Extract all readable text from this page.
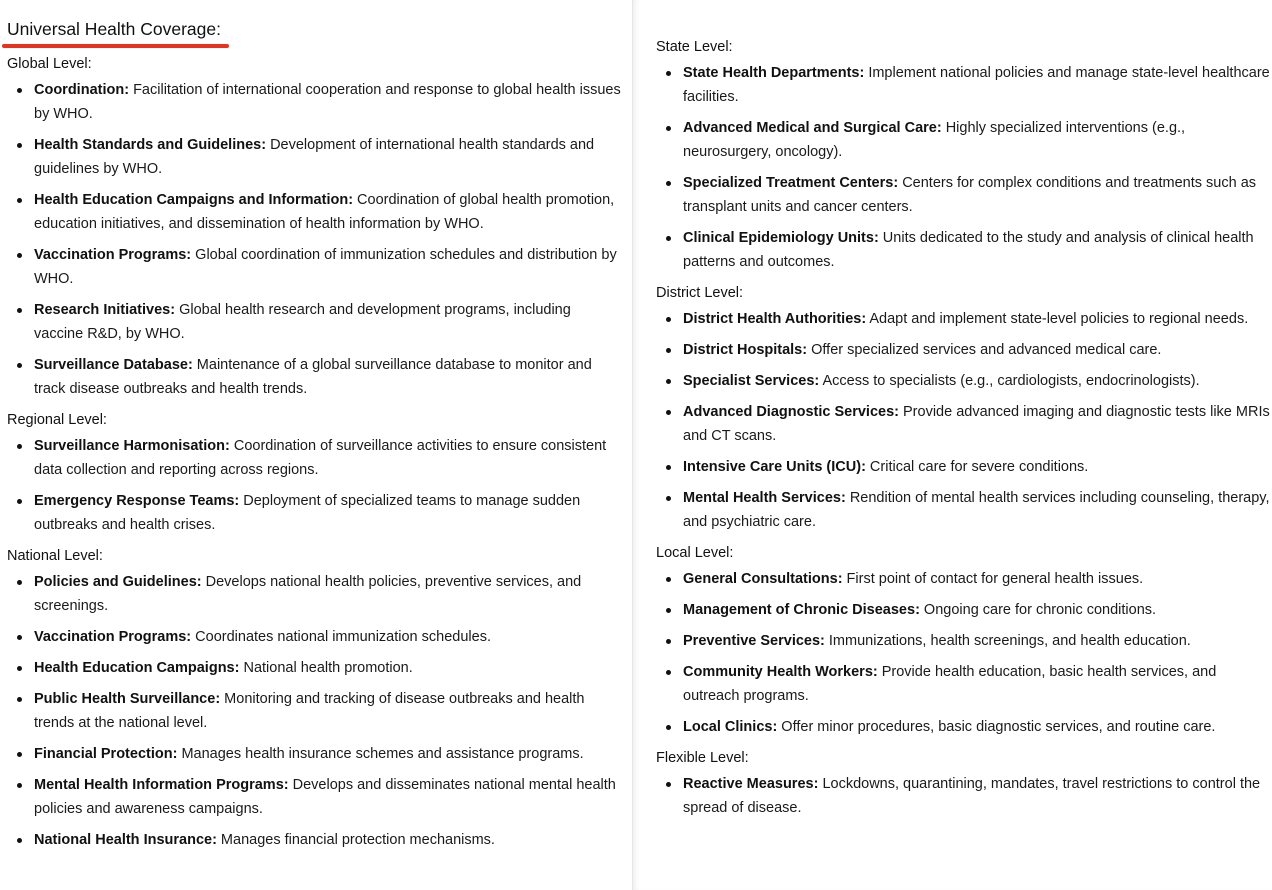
Universal Health Coverage:
Global Level:
Coordination: Facilitation of international cooperation and response to global health issues by WHO.
Health Standards and Guidelines: Development of international health standards and guidelines by WHO.
Health Education Campaigns and Information: Coordination of global health promotion, education initiatives, and dissemination of health information by WHO.
Vaccination Programs: Global coordination of immunization schedules and distribution by WHO.
Research Initiatives: Global health research and development programs, including vaccine R&D, by WHO.
Surveillance Database: Maintenance of a global surveillance database to monitor and track disease outbreaks and health trends.
Regional Level:
Surveillance Harmonisation: Coordination of surveillance activities to ensure consistent data collection and reporting across regions.
Emergency Response Teams: Deployment of specialized teams to manage sudden outbreaks and health crises.
National Level:
Policies and Guidelines: Develops national health policies, preventive services, and screenings.
Vaccination Programs: Coordinates national immunization schedules.
Health Education Campaigns: National health promotion.
Public Health Surveillance: Monitoring and tracking of disease outbreaks and health trends at the national level.
Financial Protection: Manages health insurance schemes and assistance programs.
Mental Health Information Programs: Develops and disseminates national mental health policies and awareness campaigns.
National Health Insurance: Manages financial protection mechanisms.
State Level:
State Health Departments: Implement national policies and manage state-level healthcare facilities.
Advanced Medical and Surgical Care: Highly specialized interventions (e.g., neurosurgery, oncology).
Specialized Treatment Centers: Centers for complex conditions and treatments such as transplant units and cancer centers.
Clinical Epidemiology Units: Units dedicated to the study and analysis of clinical health patterns and outcomes.
District Level:
District Health Authorities: Adapt and implement state-level policies to regional needs.
District Hospitals: Offer specialized services and advanced medical care.
Specialist Services: Access to specialists (e.g., cardiologists, endocrinologists).
Advanced Diagnostic Services: Provide advanced imaging and diagnostic tests like MRIs and CT scans.
Intensive Care Units (ICU): Critical care for severe conditions.
Mental Health Services: Rendition of mental health services including counseling, therapy, and psychiatric care.
Local Level:
General Consultations: First point of contact for general health issues.
Management of Chronic Diseases: Ongoing care for chronic conditions.
Preventive Services: Immunizations, health screenings, and health education.
Community Health Workers: Provide health education, basic health services, and outreach programs.
Local Clinics: Offer minor procedures, basic diagnostic services, and routine care.
Flexible Level:
Reactive Measures: Lockdowns, quarantining, mandates, travel restrictions to control the spread of disease.
